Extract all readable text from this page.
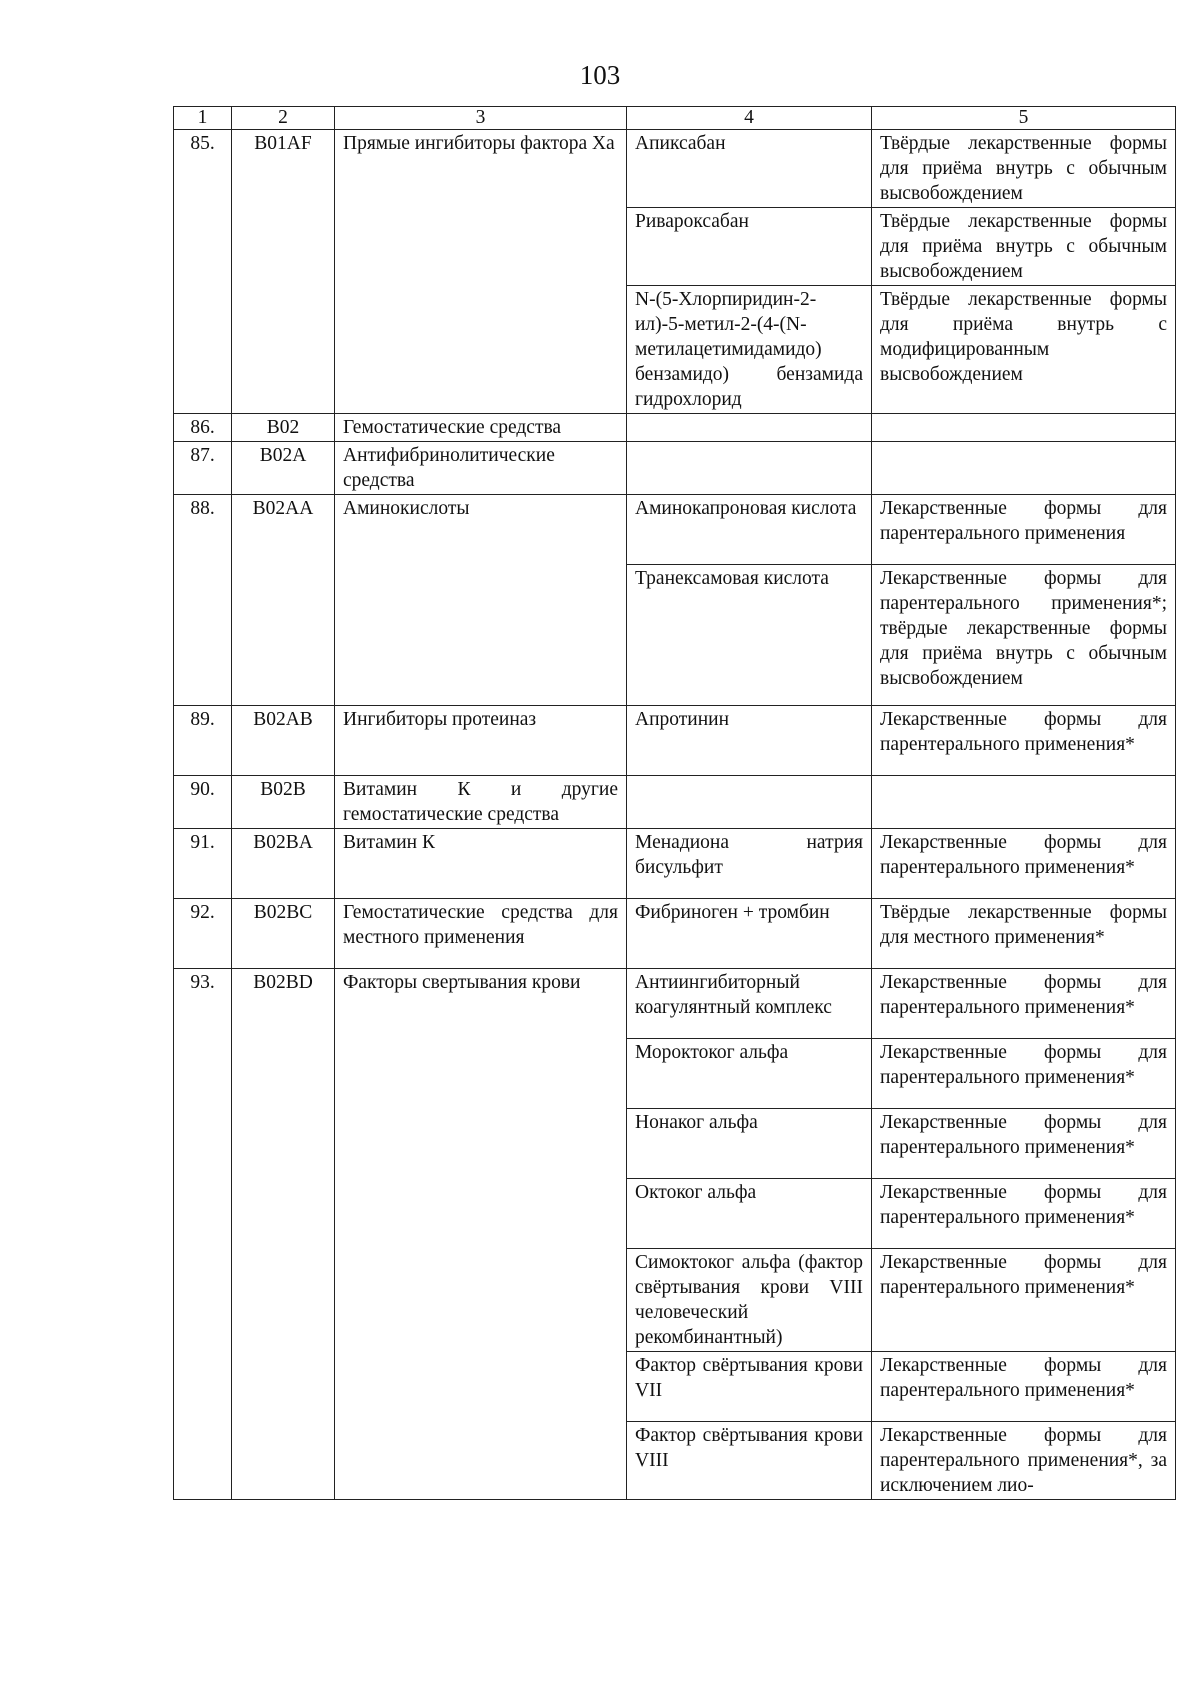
103
1	2	3	4	5
85.	B01AF	Прямые ингибиторы фактора Ха	Апиксабан	Твёрдые лекарственные формы для приёма внутрь с обычным высвобождением
			Ривароксабан	Твёрдые лекарственные формы для приёма внутрь с обычным высвобождением
			N-(5-Хлорпиридин-2-ил)-5-метил-2-(4-(N-метилацетимидамидо) бензамидо) бензамида гидрохлорид	Твёрдые лекарственные формы для приёма внутрь с модифицированным высвобождением
86.	B02	Гемостатические средства		
87.	B02A	Антифибринолитические средства		
88.	B02AA	Аминокислоты	Аминокапроновая кислота	Лекарственные формы для парентерального применения
			Транексамовая кислота	Лекарственные формы для парентерального применения*; твёрдые лекарственные формы для приёма внутрь с обычным высвобождением
89.	B02AB	Ингибиторы протеиназ	Апротинин	Лекарственные формы для парентерального применения*
90.	B02B	Витамин К и другие гемостатические средства		
91.	B02BA	Витамин К	Менадиона натрия бисульфит	Лекарственные формы для парентерального применения*
92.	B02BC	Гемостатические средства для местного применения	Фибриноген + тромбин	Твёрдые лекарственные формы для местного применения*
93.	B02BD	Факторы свертывания крови	Антиингибиторный коагулянтный комплекс	Лекарственные формы для парентерального применения*
			Мороктоког альфа	Лекарственные формы для парентерального применения*
			Нонаког альфа	Лекарственные формы для парентерального применения*
			Октоког альфа	Лекарственные формы для парентерального применения*
			Симоктоког альфа (фактор свёртывания крови VIII человеческий рекомбинантный)	Лекарственные формы для парентерального применения*
			Фактор свёртывания крови VII	Лекарственные формы для парентерального применения*
			Фактор свёртывания крови VIII	Лекарственные формы для парентерального применения*, за исключением лио-
